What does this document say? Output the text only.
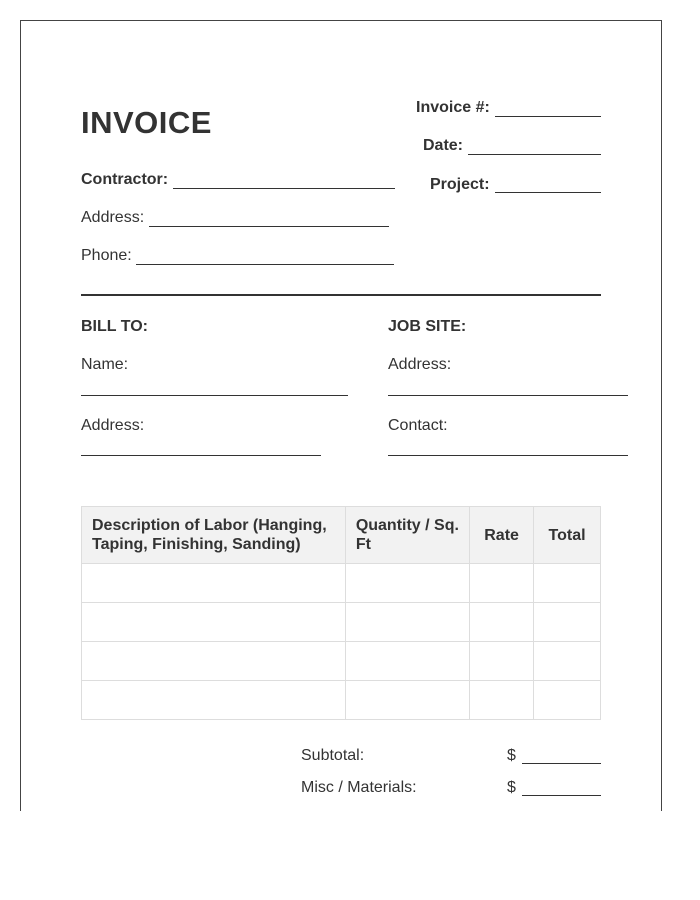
INVOICE	Invoice #:
Date:
Project:
Contractor:
Address:
Phone:
BILL TO:
Name:
Address:
JOB SITE:
Address:
Contact:
Description of Labor (Hanging, Taping, Finishing, Sanding)	Quantity / Sq. Ft	Rate	Total

Subtotal:	$
Misc / Materials:	$
